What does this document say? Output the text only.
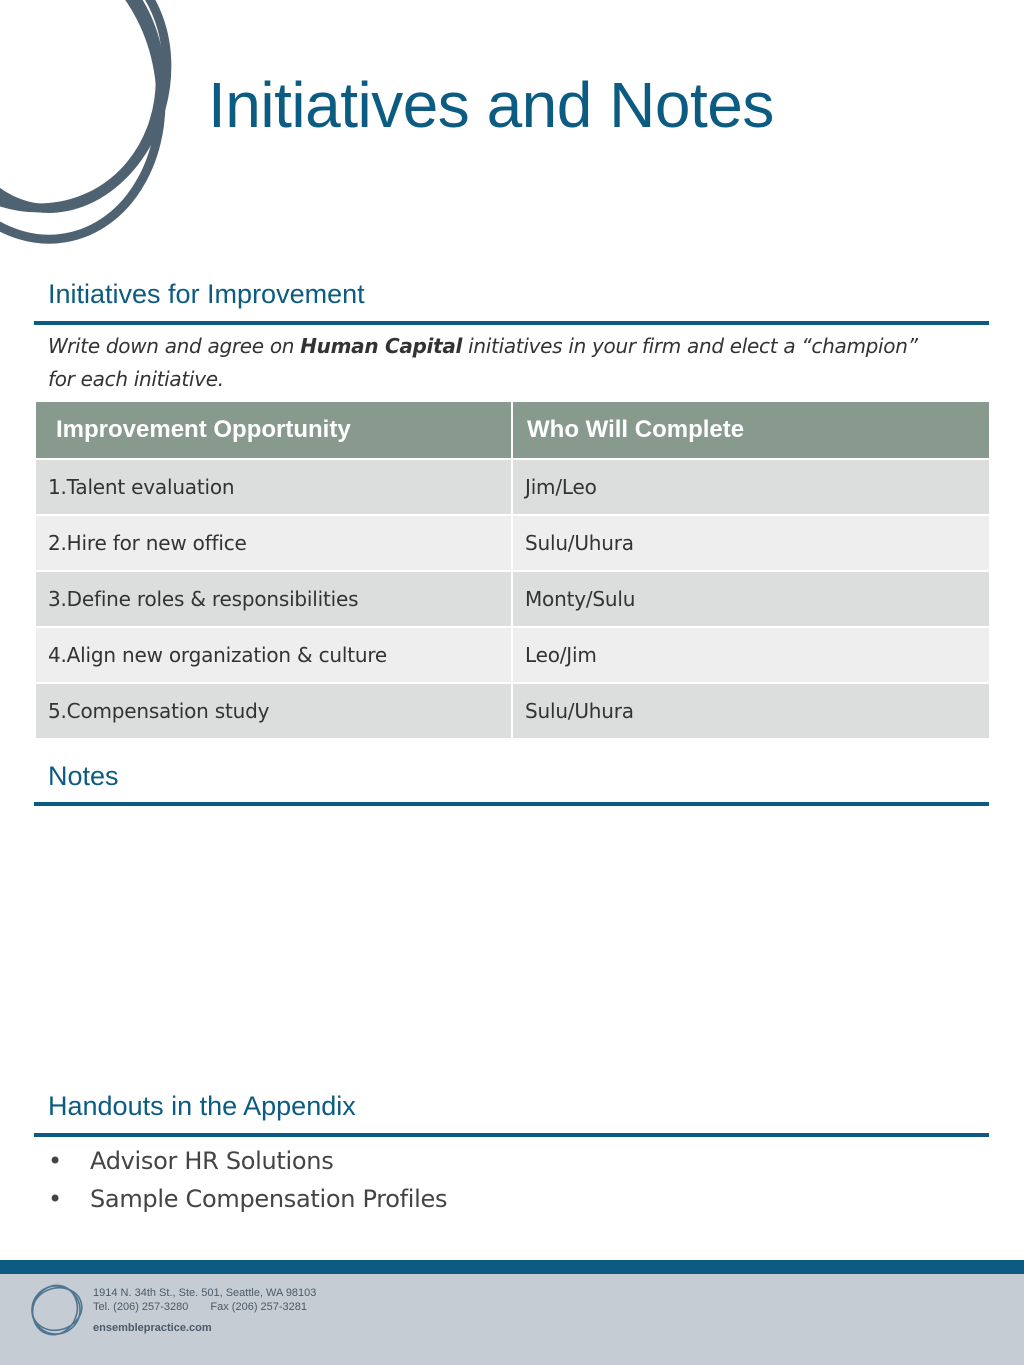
Initiatives and Notes
Initiatives for Improvement

Write down and agree on Human Capital initiatives in your firm and elect a “champion” for each initiative.

Improvement Opportunity	Who Will Complete
1.Talent evaluation	Jim/Leo
2.Hire for new office	Sulu/Uhura
3.Define roles & responsibilities	Monty/Sulu
4.Align new organization & culture	Leo/Jim
5.Compensation study	Sulu/Uhura
Notes
Handouts in the Appendix
• Advisor HR Solutions
• Sample Compensation Profiles
1914 N. 34th St., Ste. 501, Seattle, WA 98103
Tel. (206) 257-3280 Fax (206) 257-3281
ensemblepractice.com
